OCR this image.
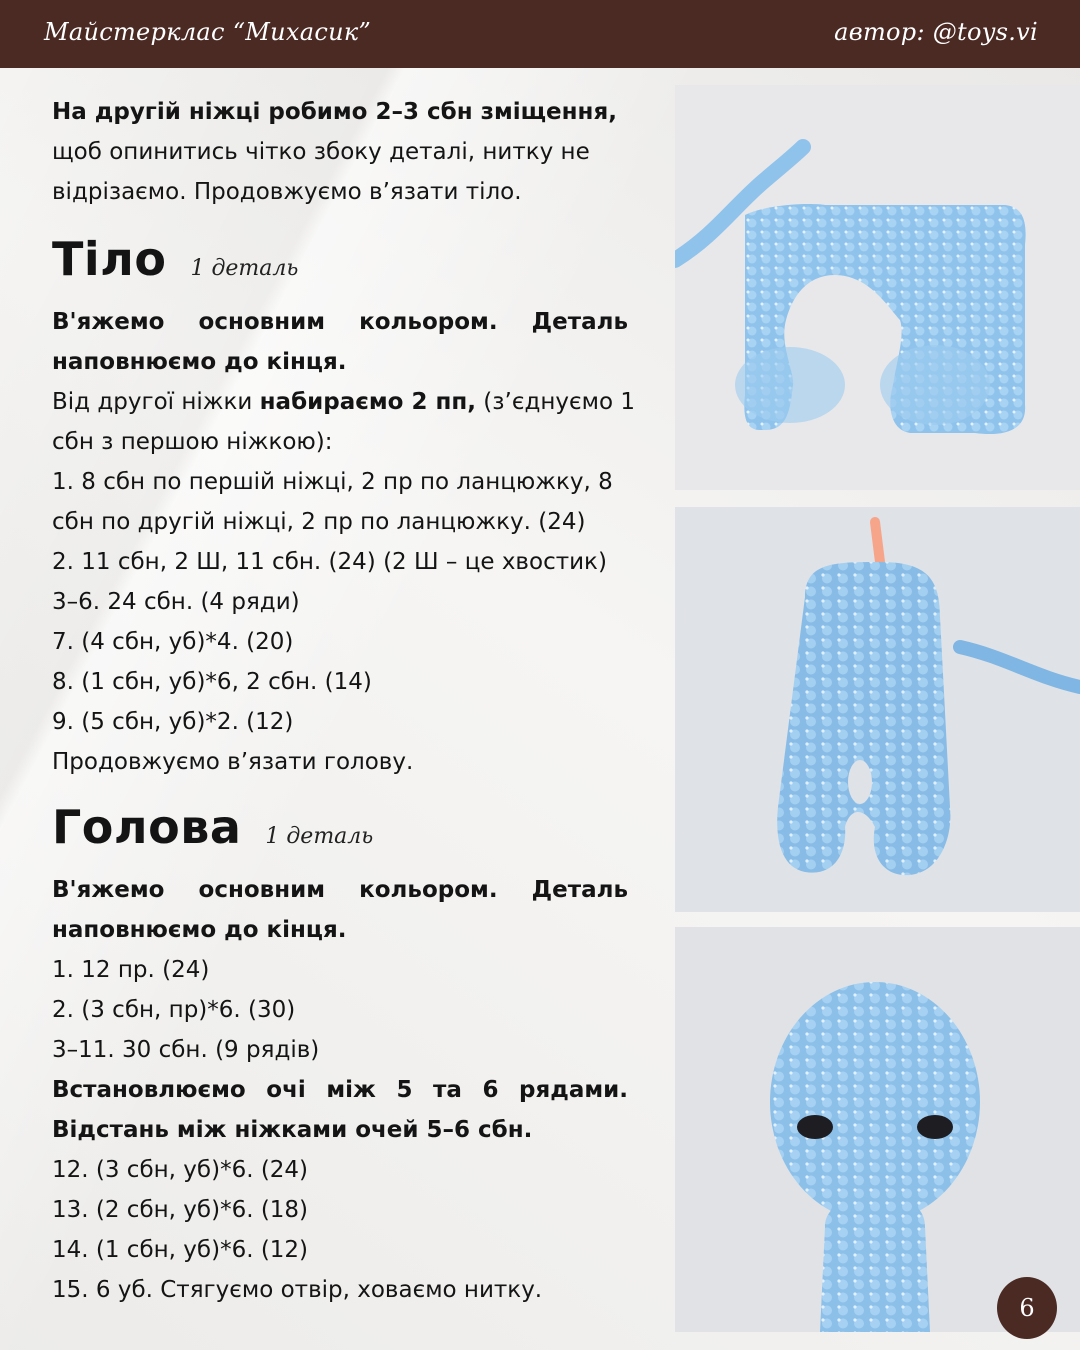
Майстерклас “Михасик”	автор: @toys.vi
На другій ніжці робимо 2–3 сбн зміщення,
щоб опинитись чітко збоку деталі, нитку не
відрізаємо. Продовжуємо в’язати тіло.
Тіло 1 деталь

В'яжемо основним кольором. Деталь

наповнюємо до кінця.
Від другої ніжки набираємо 2 пп, (з’єднуємо 1
сбн з першою ніжкою):
1. 8 сбн по першій ніжці, 2 пр по ланцюжку, 8
сбн по другій ніжці, 2 пр по ланцюжку. (24)
2. 11 сбн, 2 Ш, 11 сбн. (24) (2 Ш – це хвостик)
3–6. 24 сбн. (4 ряди)
7. (4 сбн, уб)*4. (20)
8. (1 сбн, уб)*6, 2 сбн. (14)
9. (5 сбн, уб)*2. (12)
Продовжуємо в’язати голову.
Голова 1 деталь

В'яжемо основним кольором. Деталь

наповнюємо до кінця.
1. 12 пр. (24)
2. (3 сбн, пр)*6. (30)
3–11. 30 сбн. (9 рядів)

Встановлюємо очі між 5 та 6 рядами.

Відстань між ніжками очей 5–6 сбн.
12. (3 сбн, уб)*6. (24)
13. (2 сбн, уб)*6. (18)
14. (1 сбн, уб)*6. (12)
15. 6 уб. Стягуємо отвір, ховаємо нитку.
6
